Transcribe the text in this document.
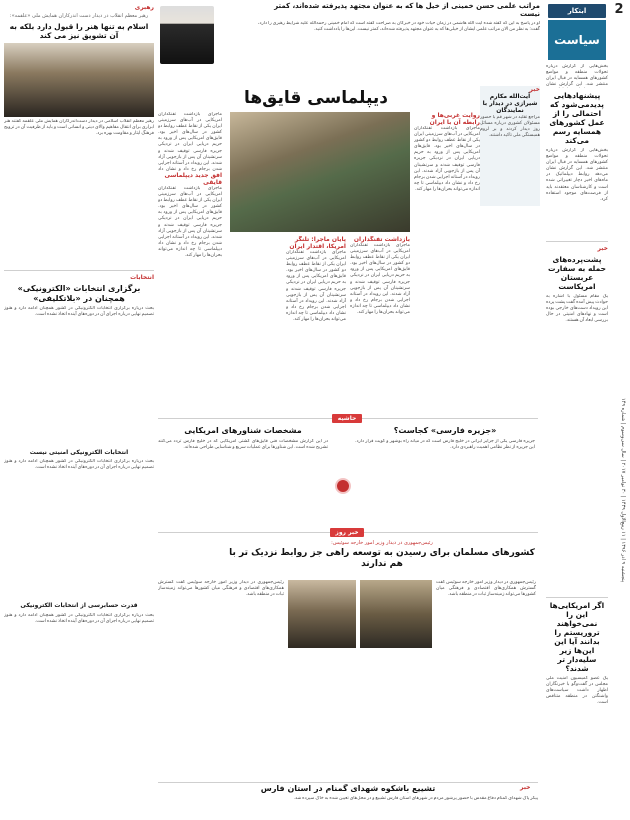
2
پنجشنبه ۹ آذر ۱۳۹۶ | ۱۱ ربیع‌الاول ۱۴۳۹ | ۳۰ نوامبر ۲۰۱۷ | سال سی‌وسوم | شماره ۱۴۹
ابتکار
سیاست
بخش‌هایی از گزارش درباره تحولات منطقه و مواضع کشورهای همسایه در قبال ایران منتشر شد. این گزارش نشان
پیشنهادهایی پدیدمی‌شود که احتمالی را از عمل کشورهای همسایه رسم می‌کند
بخش‌هایی از گزارش درباره تحولات منطقه و مواضع کشورهای همسایه در قبال ایران منتشر شد. این گزارش نشان می‌دهد روابط دیپلماتیک در ماه‌های اخیر دچار تغییراتی شده است و کارشناسان معتقدند باید از فرصت‌های موجود استفاده کرد.
خبر
پشت‌پرده‌های حمله به سفارت عربستان امریکاست
یک مقام مسئول با اشاره به حوادث پیش آمده گفت پشت پرده این رویداد دست‌های خارجی بوده است و نهادهای امنیتی در حال بررسی ابعاد آن هستند.
اگر امریکایی‌ها این را نمی‌خواهند تروریستم را بدانند آیا این این‌ها زیر سلیه‌دار تر شدند؟
یک عضو کمیسیون امنیت ملی مجلس در گفت‌وگو با خبرنگاران اظهار داشت سیاست‌های واشنگتن در منطقه متناقض است.
مراتب علمی حسن خمینی از خیل ها که به عنوان مجتهد پذیرفته شده‌اند، کمتر نیست
او در پاسخ به این که گفته شده آیت الله هاشمی در زمان حیات خود در خبرگان به صراحت گفته است که امام خمینی رحمه‌الله علیه شرایط رهبری را دارد، گفت: به نظر من الان مراتب علمی ایشان از خیلی‌ها که به عنوان مجتهد پذیرفته شده‌اند، کمتر نیست. این‌ها را یادداشت کنید.
خبر
آیت‌الله مکارم شیرازی در دیدار با نمایندگان
مراجع تقلید در شهر قم با حضور مسئولان کشوری درباره مسائل روز دیدار کردند و بر لزوم همبستگی ملی تاکید داشتند.
دیپلماسی قایق‌ها
روایت غربی‌ها و رابطه آن با ایران
ماجرای بازداشت تفنگداران امریکایی در آب‌های سرزمینی ایران یکی از نقاط عطف روابط دو کشور در سال‌های اخیر بود. قایق‌های امریکایی پس از ورود به حریم دریایی ایران در نزدیکی جزیره فارسی توقیف شدند و سرنشینان آن پس از بازجویی آزاد شدند. این رویداد در آستانه اجرایی شدن برجام رخ داد و نشان داد دیپلماسی تا چه اندازه می‌تواند بحران‌ها را مهار کند.
بازداشت تفنگداران
ماجرای بازداشت تفنگداران امریکایی در آب‌های سرزمینی ایران یکی از نقاط عطف روابط دو کشور در سال‌های اخیر بود. قایق‌های امریکایی پس از ورود به حریم دریایی ایران در نزدیکی جزیره فارسی توقیف شدند و سرنشینان آن پس از بازجویی آزاد شدند. این رویداد در آستانه اجرایی شدن برجام رخ داد و نشان داد دیپلماسی تا چه اندازه می‌تواند بحران‌ها را مهار کند.
پایان ماجرا: تلنگر امریکا، اقتدار ایران
ماجرای بازداشت تفنگداران امریکایی در آب‌های سرزمینی ایران یکی از نقاط عطف روابط دو کشور در سال‌های اخیر بود. قایق‌های امریکایی پس از ورود به حریم دریایی ایران در نزدیکی جزیره فارسی توقیف شدند و سرنشینان آن پس از بازجویی آزاد شدند. این رویداد در آستانه اجرایی شدن برجام رخ داد و نشان داد دیپلماسی تا چه اندازه می‌تواند بحران‌ها را مهار کند.
ماجرای بازداشت تفنگداران امریکایی در آب‌های سرزمینی ایران یکی از نقاط عطف روابط دو کشور در سال‌های اخیر بود. قایق‌های امریکایی پس از ورود به حریم دریایی ایران در نزدیکی جزیره فارسی توقیف شدند و سرنشینان آن پس از بازجویی آزاد شدند. این رویداد در آستانه اجرایی شدن برجام رخ داد و نشان داد
افق جدید دیپلماسی قایقی
ماجرای بازداشت تفنگداران امریکایی در آب‌های سرزمینی ایران یکی از نقاط عطف روابط دو کشور در سال‌های اخیر بود. قایق‌های امریکایی پس از ورود به حریم دریایی ایران در نزدیکی جزیره فارسی توقیف شدند و سرنشینان آن پس از بازجویی آزاد شدند. این رویداد در آستانه اجرایی شدن برجام رخ داد و نشان داد دیپلماسی تا چه اندازه می‌تواند بحران‌ها را مهار کند.
حاشیه
مشخصات شناورهای امریکایی
در این گزارش مشخصات فنی قایق‌های گشتی امریکایی که در خلیج فارس تردد می‌کنند تشریح شده است. این شناورها برای عملیات سریع و شناسایی طراحی شده‌اند.
«جزیره فارسی» کجاست؟
جزیره فارسی یکی از جزایر ایرانی در خلیج فارس است که در میانه راه بوشهر و کویت قرار دارد. این جزیره از نظر نظامی اهمیت راهبردی دارد.
خبر روز
رئیس‌جمهوری در دیدار وزیر امور خارجه سوئیس:
کشورهای مسلمان برای رسیدن به توسعه راهی جز روابط نزدیک تر با هم ندارند
رئیس‌جمهوری در دیدار وزیر امور خارجه سوئیس گفت گسترش همکاری‌های اقتصادی و فرهنگی میان کشورها می‌تواند زمینه‌ساز ثبات در منطقه باشد.
رئیس‌جمهوری در دیدار وزیر امور خارجه سوئیس گفت گسترش همکاری‌های اقتصادی و فرهنگی میان کشورها می‌تواند زمینه‌ساز ثبات در منطقه باشد.
تشییع باشکوه شهدای گمنام در استان فارس
پیکر پاک شهدای گمنام دفاع مقدس با حضور پرشور مردم در شهرهای استان فارس تشییع و در محل‌های تعیین شده به خاک سپرده شد.
خبر
رهبری
رهبر معظم انقلاب در دیدار دست اندرکاران همایش ملی «علقمه»:
اسلام به تنها هنر را قبول دارد بلکه به آن تشویق نیز می کند
رهبر معظم انقلاب اسلامی در دیدار دست‌اندرکاران همایش ملی علقمه گفتند هنر ابزاری برای انتقال مفاهیم والای دینی و انسانی است و باید از ظرفیت آن در ترویج فرهنگ ایثار و مقاومت بهره برد.
انتخابات
برگزاری انتخابات «الکترونیکی» همچنان در «بلاتکلیفی»
بحث درباره برگزاری انتخابات الکترونیکی در کشور همچنان ادامه دارد و هنوز تصمیم نهایی درباره اجرای آن در دوره‌های آینده اتخاذ نشده است.
انتخابات الکترونیکی امنیتی نیست
بحث درباره برگزاری انتخابات الکترونیکی در کشور همچنان ادامه دارد و هنوز تصمیم نهایی درباره اجرای آن در دوره‌های آینده اتخاذ نشده است.
قدرت حسابرسی از انتخابات الکترونیکی
بحث درباره برگزاری انتخابات الکترونیکی در کشور همچنان ادامه دارد و هنوز تصمیم نهایی درباره اجرای آن در دوره‌های آینده اتخاذ نشده است.
